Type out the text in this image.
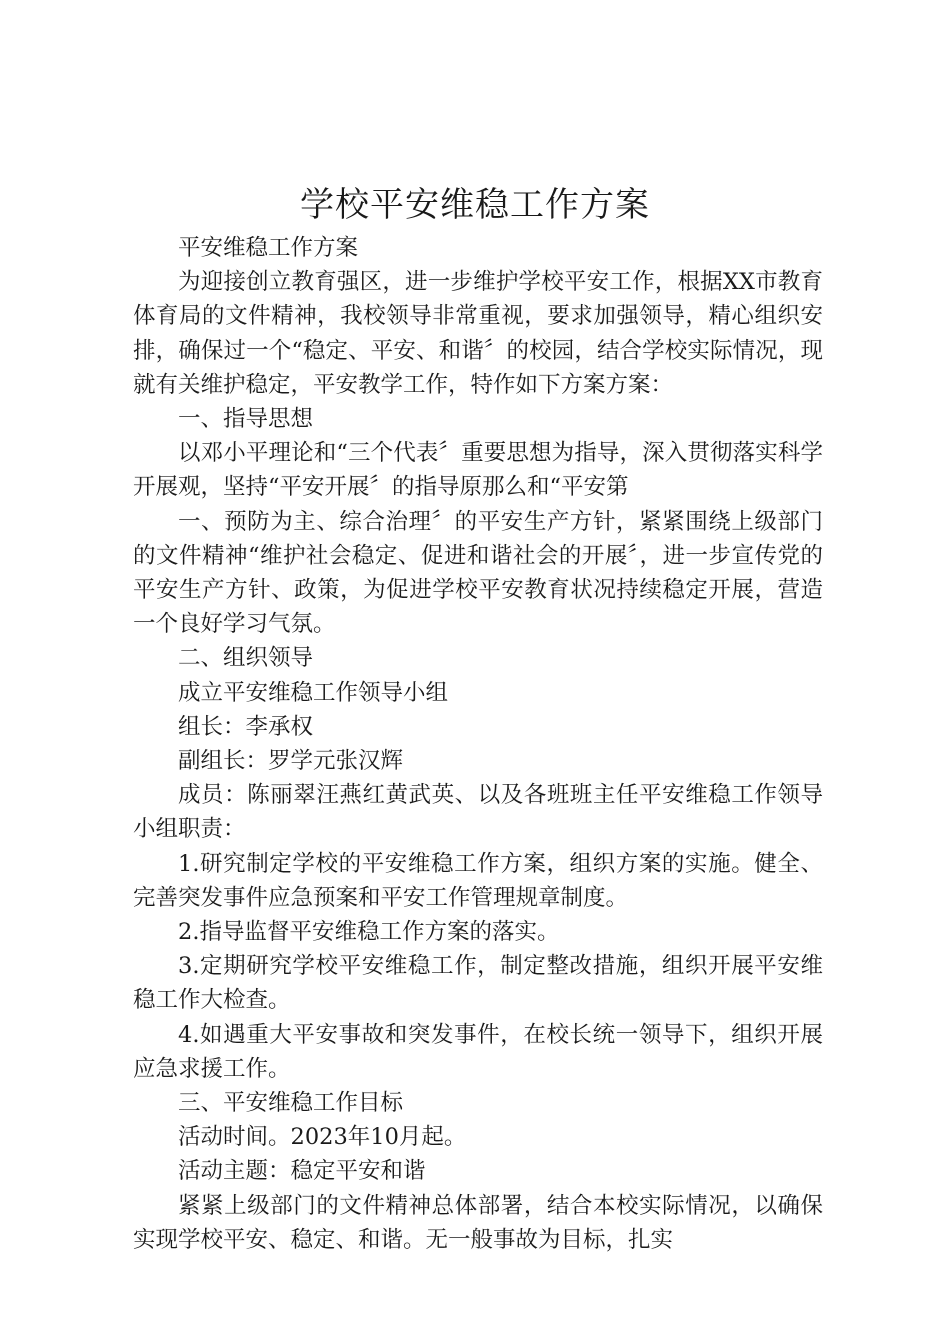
学校平安维稳工作方案

平安维稳工作方案

为迎接创立教育强区，进一步维护学校平安工作，根据XX市教育体育局的文件精神，我校领导非常重视，要求加强领导，精心组织安排，确保过一个“稳定、平安、和谐〞的校园，结合学校实际情况，现就有关维护稳定，平安教学工作，特作如下方案方案：

一、指导思想

以邓小平理论和“三个代表〞重要思想为指导，深入贯彻落实科学开展观，坚持“平安开展〞的指导原那么和“平安第

一、预防为主、综合治理〞的平安生产方针，紧紧围绕上级部门的文件精神“维护社会稳定、促进和谐社会的开展〞，进一步宣传党的平安生产方针、政策，为促进学校平安教育状况持续稳定开展，营造一个良好学习气氛。

二、组织领导

成立平安维稳工作领导小组

组长：李承权

副组长：罗学元张汉辉

成员：陈丽翠汪燕红黄武英、以及各班班主任平安维稳工作领导小组职责：

1.研究制定学校的平安维稳工作方案，组织方案的实施。健全、完善突发事件应急预案和平安工作管理规章制度。

2.指导监督平安维稳工作方案的落实。

3.定期研究学校平安维稳工作，制定整改措施，组织开展平安维稳工作大检查。

4.如遇重大平安事故和突发事件，在校长统一领导下，组织开展应急求援工作。

三、平安维稳工作目标

活动时间。2023年10月起。

活动主题：稳定平安和谐

紧紧上级部门的文件精神总体部署，结合本校实际情况，以确保实现学校平安、稳定、和谐。无一般事故为目标，扎实
